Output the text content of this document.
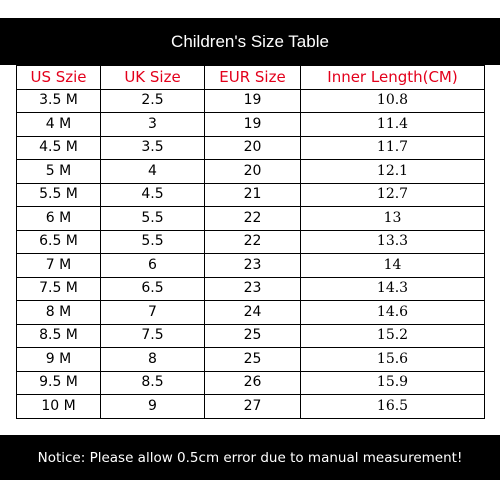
Children's Size Table
US Szie	UK Size	EUR Size	Inner Length(CM)
3.5 M	2.5	19	10.8
4 M	3	19	11.4
4.5 M	3.5	20	11.7
5 M	4	20	12.1
5.5 M	4.5	21	12.7
6 M	5.5	22	13
6.5 M	5.5	22	13.3
7 M	6	23	14
7.5 M	6.5	23	14.3
8 M	7	24	14.6
8.5 M	7.5	25	15.2
9 M	8	25	15.6
9.5 M	8.5	26	15.9
10 M	9	27	16.5
Notice: Please allow 0.5cm error due to manual measurement!
